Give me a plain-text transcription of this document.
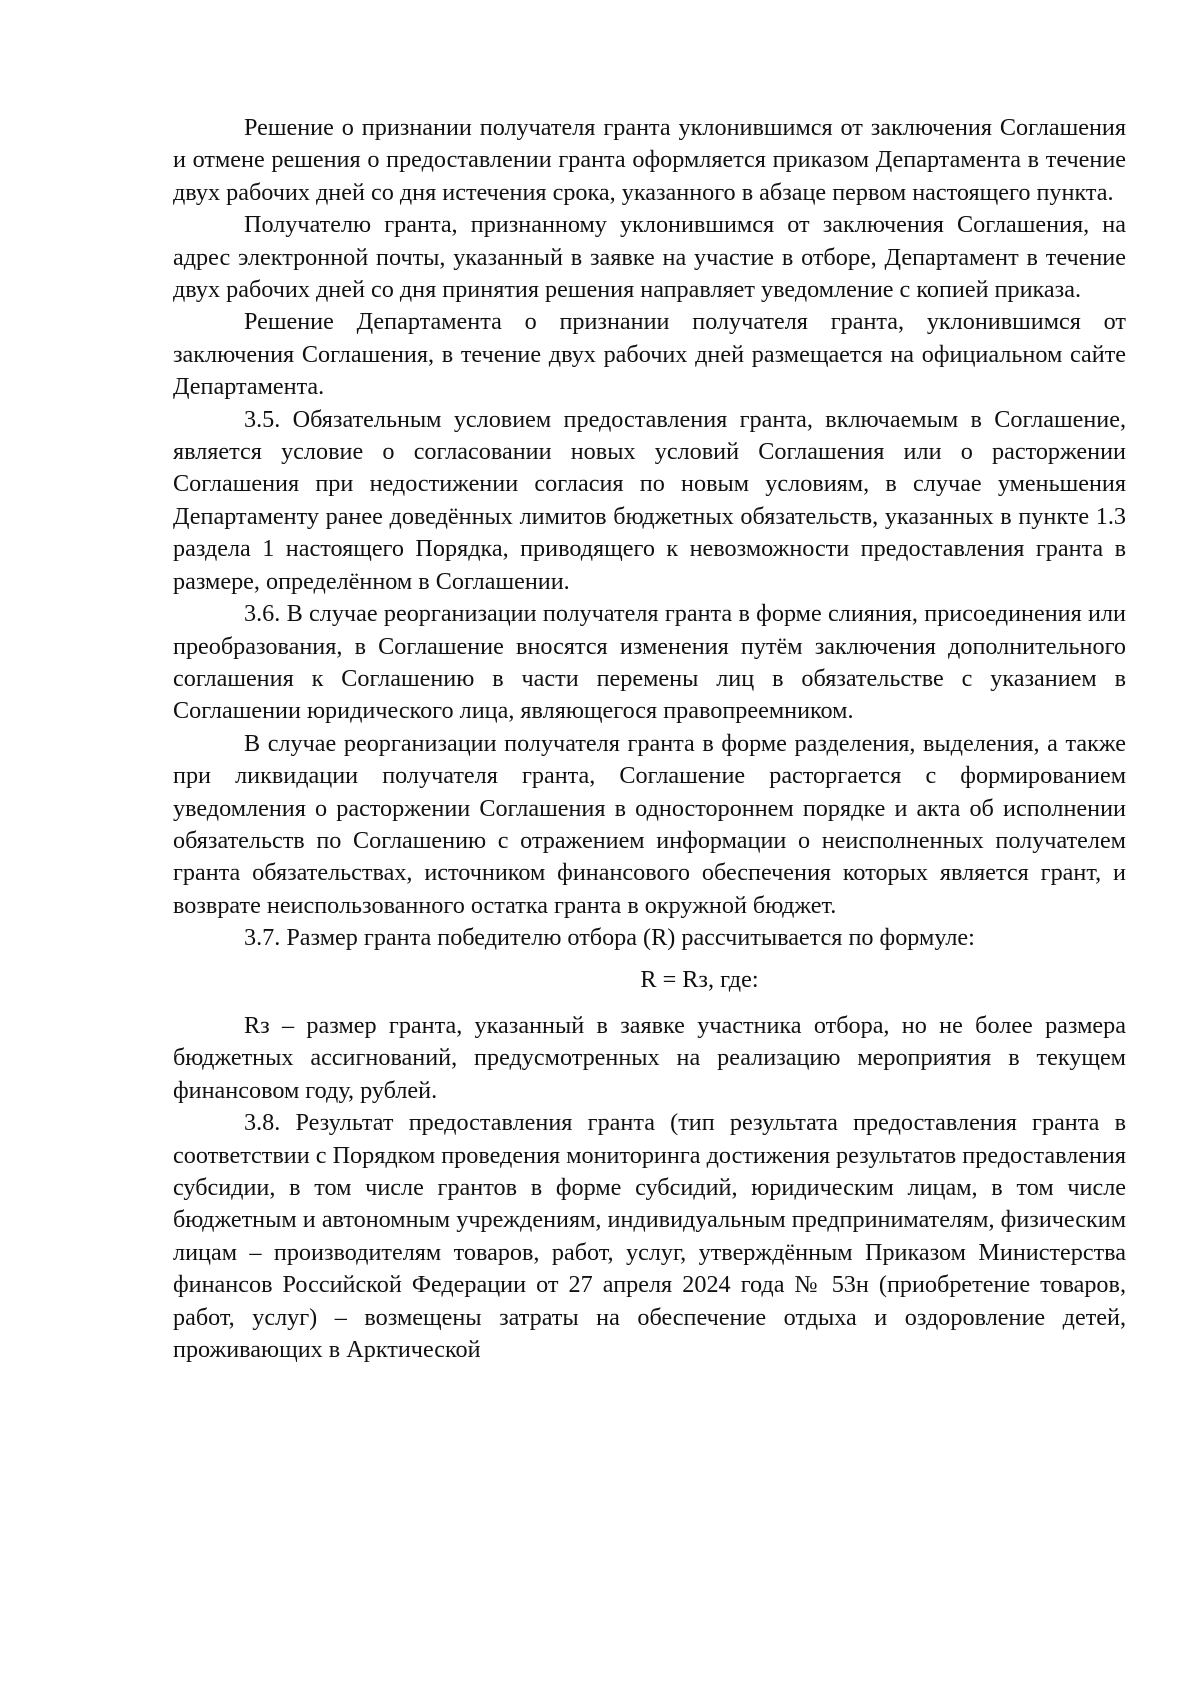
Решение о признании получателя гранта уклонившимся от заключения Соглашения и отмене решения о предоставлении гранта оформляется приказом Департамента в течение двух рабочих дней со дня истечения срока, указанного в абзаце первом настоящего пункта.

Получателю гранта, признанному уклонившимся от заключения Соглашения, на адрес электронной почты, указанный в заявке на участие в отборе, Департамент в течение двух рабочих дней со дня принятия решения направляет уведомление с копией приказа.

Решение Департамента о признании получателя гранта, уклонившимся от заключения Соглашения, в течение двух рабочих дней размещается на официальном сайте Департамента.

3.5. Обязательным условием предоставления гранта, включаемым в Соглашение, является условие о согласовании новых условий Соглашения или о расторжении Соглашения при недостижении согласия по новым условиям, в случае уменьшения Департаменту ранее доведённых лимитов бюджетных обязательств, указанных в пункте 1.3 раздела 1 настоящего Порядка, приводящего к невозможности предоставления гранта в размере, определённом в Соглашении.

3.6. В случае реорганизации получателя гранта в форме слияния, присоединения или преобразования, в Соглашение вносятся изменения путём заключения дополнительного соглашения к Соглашению в части перемены лиц в обязательстве с указанием в Соглашении юридического лица, являющегося правопреемником.

В случае реорганизации получателя гранта в форме разделения, выделения, а также при ликвидации получателя гранта, Соглашение расторгается с формированием уведомления о расторжении Соглашения в одностороннем порядке и акта об исполнении обязательств по Соглашению с отражением информации о неисполненных получателем гранта обязательствах, источником финансового обеспечения которых является грант, и возврате неиспользованного остатка гранта в окружной бюджет.

3.7. Размер гранта победителю отбора (R) рассчитывается по формуле:

R = Rз, где:

Rз – размер гранта, указанный в заявке участника отбора, но не более размера бюджетных ассигнований, предусмотренных на реализацию мероприятия в текущем финансовом году, рублей.

3.8. Результат предоставления гранта (тип результата предоставления гранта в соответствии с Порядком проведения мониторинга достижения результатов предоставления субсидии, в том числе грантов в форме субсидий, юридическим лицам, в том числе бюджетным и автономным учреждениям, индивидуальным предпринимателям, физическим лицам – производителям товаров, работ, услуг, утверждённым Приказом Министерства финансов Российской Федерации от 27 апреля 2024 года № 53н (приобретение товаров, работ, услуг) – возмещены затраты на обеспечение отдыха и оздоровление детей, проживающих в Арктической
